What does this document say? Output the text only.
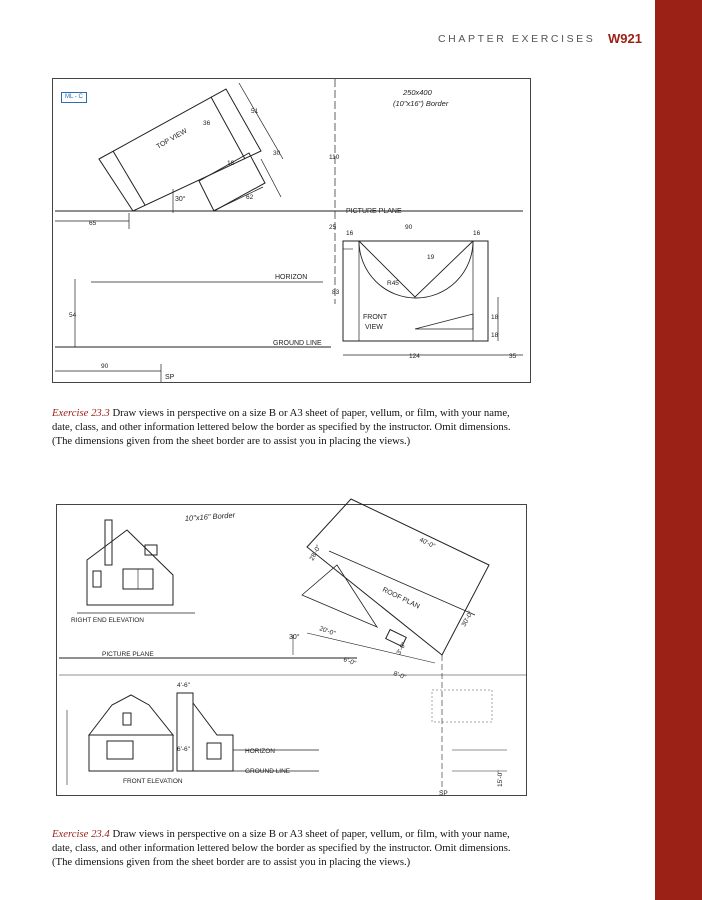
CHAPTER EXERCISES W921
ML - C	250x400
(10"x16") Border
TOP VIEW
PICTURE PLANE
HORIZON
GROUND LINE
FRONT
VIEW
SP
30°
51
36
18
30
62
65
110
25
16
90
16
19
R45
83
54	18
18
124	35
90

Exercise 23.3 Draw views in perspective on a size B or A3 sheet of paper, vellum, or film, with your name, date, class, and other information lettered below the border as specified by the instructor. Omit dimensions. (The dimensions given from the sheet border are to assist you in placing the views.)

10"x16" Border
RIGHT END ELEVATION
PICTURE PLANE
ROOF PLAN
30°
HORIZON
GROUND LINE
FRONT ELEVATION
SP
40'-0"
30'-0"
28'-0"
20'-0"
6'-0"
8'-0"
3'-0"
4'-6"
6'-6"
15'-0"

Exercise 23.4 Draw views in perspective on a size B or A3 sheet of paper, vellum, or film, with your name, date, class, and other information lettered below the border as specified by the instructor. Omit dimensions. (The dimensions given from the sheet border are to assist you in placing the views.)
